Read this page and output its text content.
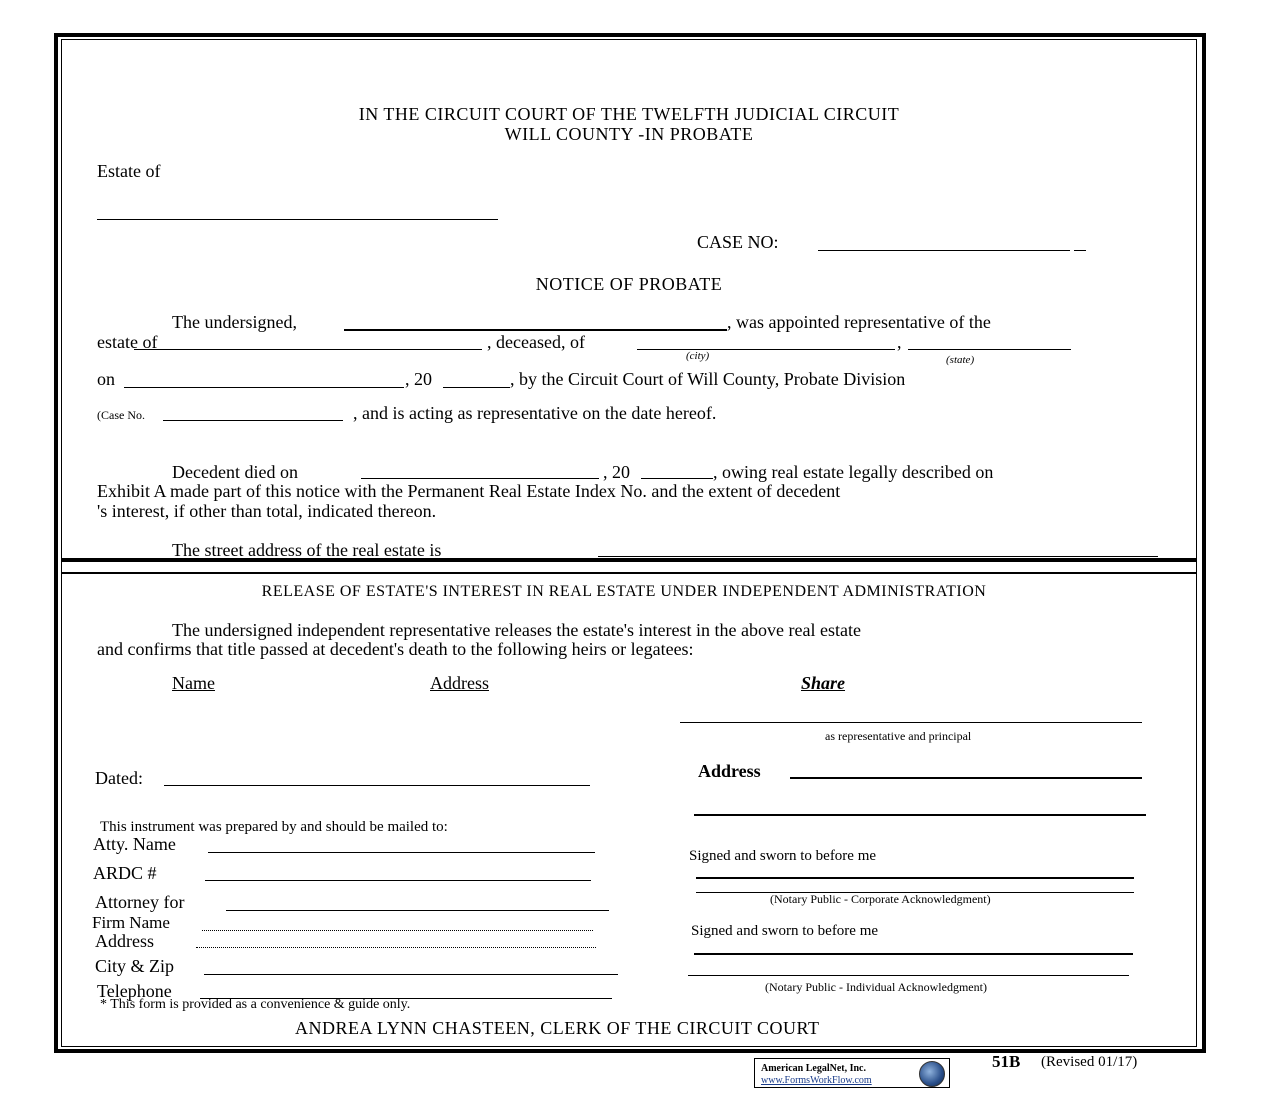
IN THE CIRCUIT COURT OF THE TWELFTH JUDICIAL CIRCUIT
WILL COUNTY -IN PROBATE
Estate of
CASE NO:
NOTICE OF PROBATE
The undersigned,	, was appointed representative of the
estate of	, deceased, of	,
(city)	(state)
on	, 20	, by the Circuit Court of Will County, Probate Division
(Case No.	, and is acting as representative on the date hereof.
Decedent died on	, 20	, owing real estate legally described on
Exhibit A made part of this notice with the Permanent Real Estate Index No. and the extent of decedent
's interest, if other than total, indicated thereon.
The street address of the real estate is
RELEASE OF ESTATE'S INTEREST IN REAL ESTATE UNDER INDEPENDENT ADMINISTRATION
The undersigned independent representative releases the estate's interest in the above real estate
and confirms that title passed at decedent's death to the following heirs or legatees:
Name	Address	Share
as representative and principal
Address
Dated:
This instrument was prepared by and should be mailed to:
Atty. Name
ARDC #
Attorney for
Firm Name
Address
City & Zip
Telephone
* This form is provided as a convenience & guide only.
Signed and sworn to before me
(Notary Public - Corporate Acknowledgment)
Signed and sworn to before me
(Notary Public - Individual Acknowledgment)
ANDREA LYNN CHASTEEN, CLERK OF THE CIRCUIT COURT
American LegalNet, Inc.
www.FormsWorkFlow.com
51B (Revised 01/17)
